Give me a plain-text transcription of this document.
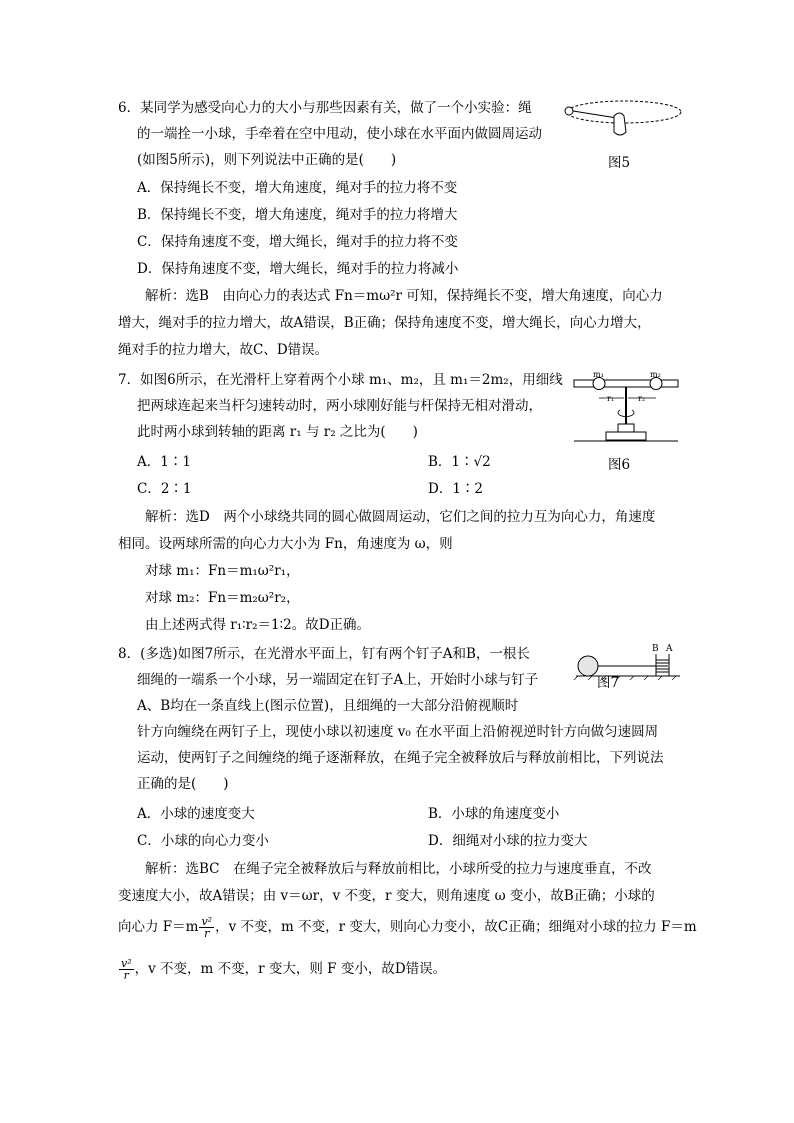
6．某同学为感受向心力的大小与那些因素有关，做了一个小实验：绳
的一端拴一小球，手牵着在空中甩动，使小球在水平面内做圆周运动
(如图5所示)，则下列说法中正确的是(　　)	图5
A．保持绳长不变，增大角速度，绳对手的拉力将不变
B．保持绳长不变，增大角速度，绳对手的拉力将增大
C．保持角速度不变，增大绳长，绳对手的拉力将不变
D．保持角速度不变，增大绳长，绳对手的拉力将减小
解析：选B　由向心力的表达式 Fn＝mω²r 可知，保持绳长不变，增大角速度，向心力
增大，绳对手的拉力增大，故A错误，B正确；保持角速度不变，增大绳长，向心力增大，
绳对手的拉力增大，故C、D错误。
7．如图6所示，在光滑杆上穿着两个小球 m₁、m₂，且 m₁＝2m₂，用细线
把两球连起来当杆匀速转动时，两小球刚好能与杆保持无相对滑动，
此时两小球到转轴的距离 r₁ 与 r₂ 之比为(　　)
m₁	m₂
r₁	r₂
图6
A．1∶1	B．1∶√2
C．2∶1	D．1∶2
解析：选D　两个小球绕共同的圆心做圆周运动，它们之间的拉力互为向心力，角速度
相同。设两球所需的向心力大小为 Fn，角速度为 ω，则
对球 m₁：Fn＝m₁ω²r₁，
对球 m₂：Fn＝m₂ω²r₂，
由上述两式得 r₁∶r₂＝1∶2。故D正确。
8．(多选)如图7所示，在光滑水平面上，钉有两个钉子A和B，一根长
细绳的一端系一个小球，另一端固定在钉子A上，开始时小球与钉子
A、B均在一条直线上(图示位置)，且细绳的一大部分沿俯视顺时
针方向缠绕在两钉子上，现使小球以初速度 v₀ 在水平面上沿俯视逆时针方向做匀速圆周
运动，使两钉子之间缠绕的绳子逐渐释放，在绳子完全被释放后与释放前相比，下列说法
正确的是(　　)
B A
图7
A．小球的速度变大	B．小球的角速度变小
C．小球的向心力变小	D．细绳对小球的拉力变大
解析：选BC　在绳子完全被释放后与释放前相比，小球所受的拉力与速度垂直，不改
变速度大小，故A错误；由 v＝ωr，v 不变，r 变大，则角速度 ω 变小，故B正确；小球的
向心力 $F=m \frac{\text{v²}}{r}$ ，v 不变，m 不变，r 变大，则向心力变小，故C正确；细绳对小球的拉力 F＝m
$\frac{\text{v²}}{r}$ ，v 不变，m 不变，r 变大，则 F 变小，故D错误。
